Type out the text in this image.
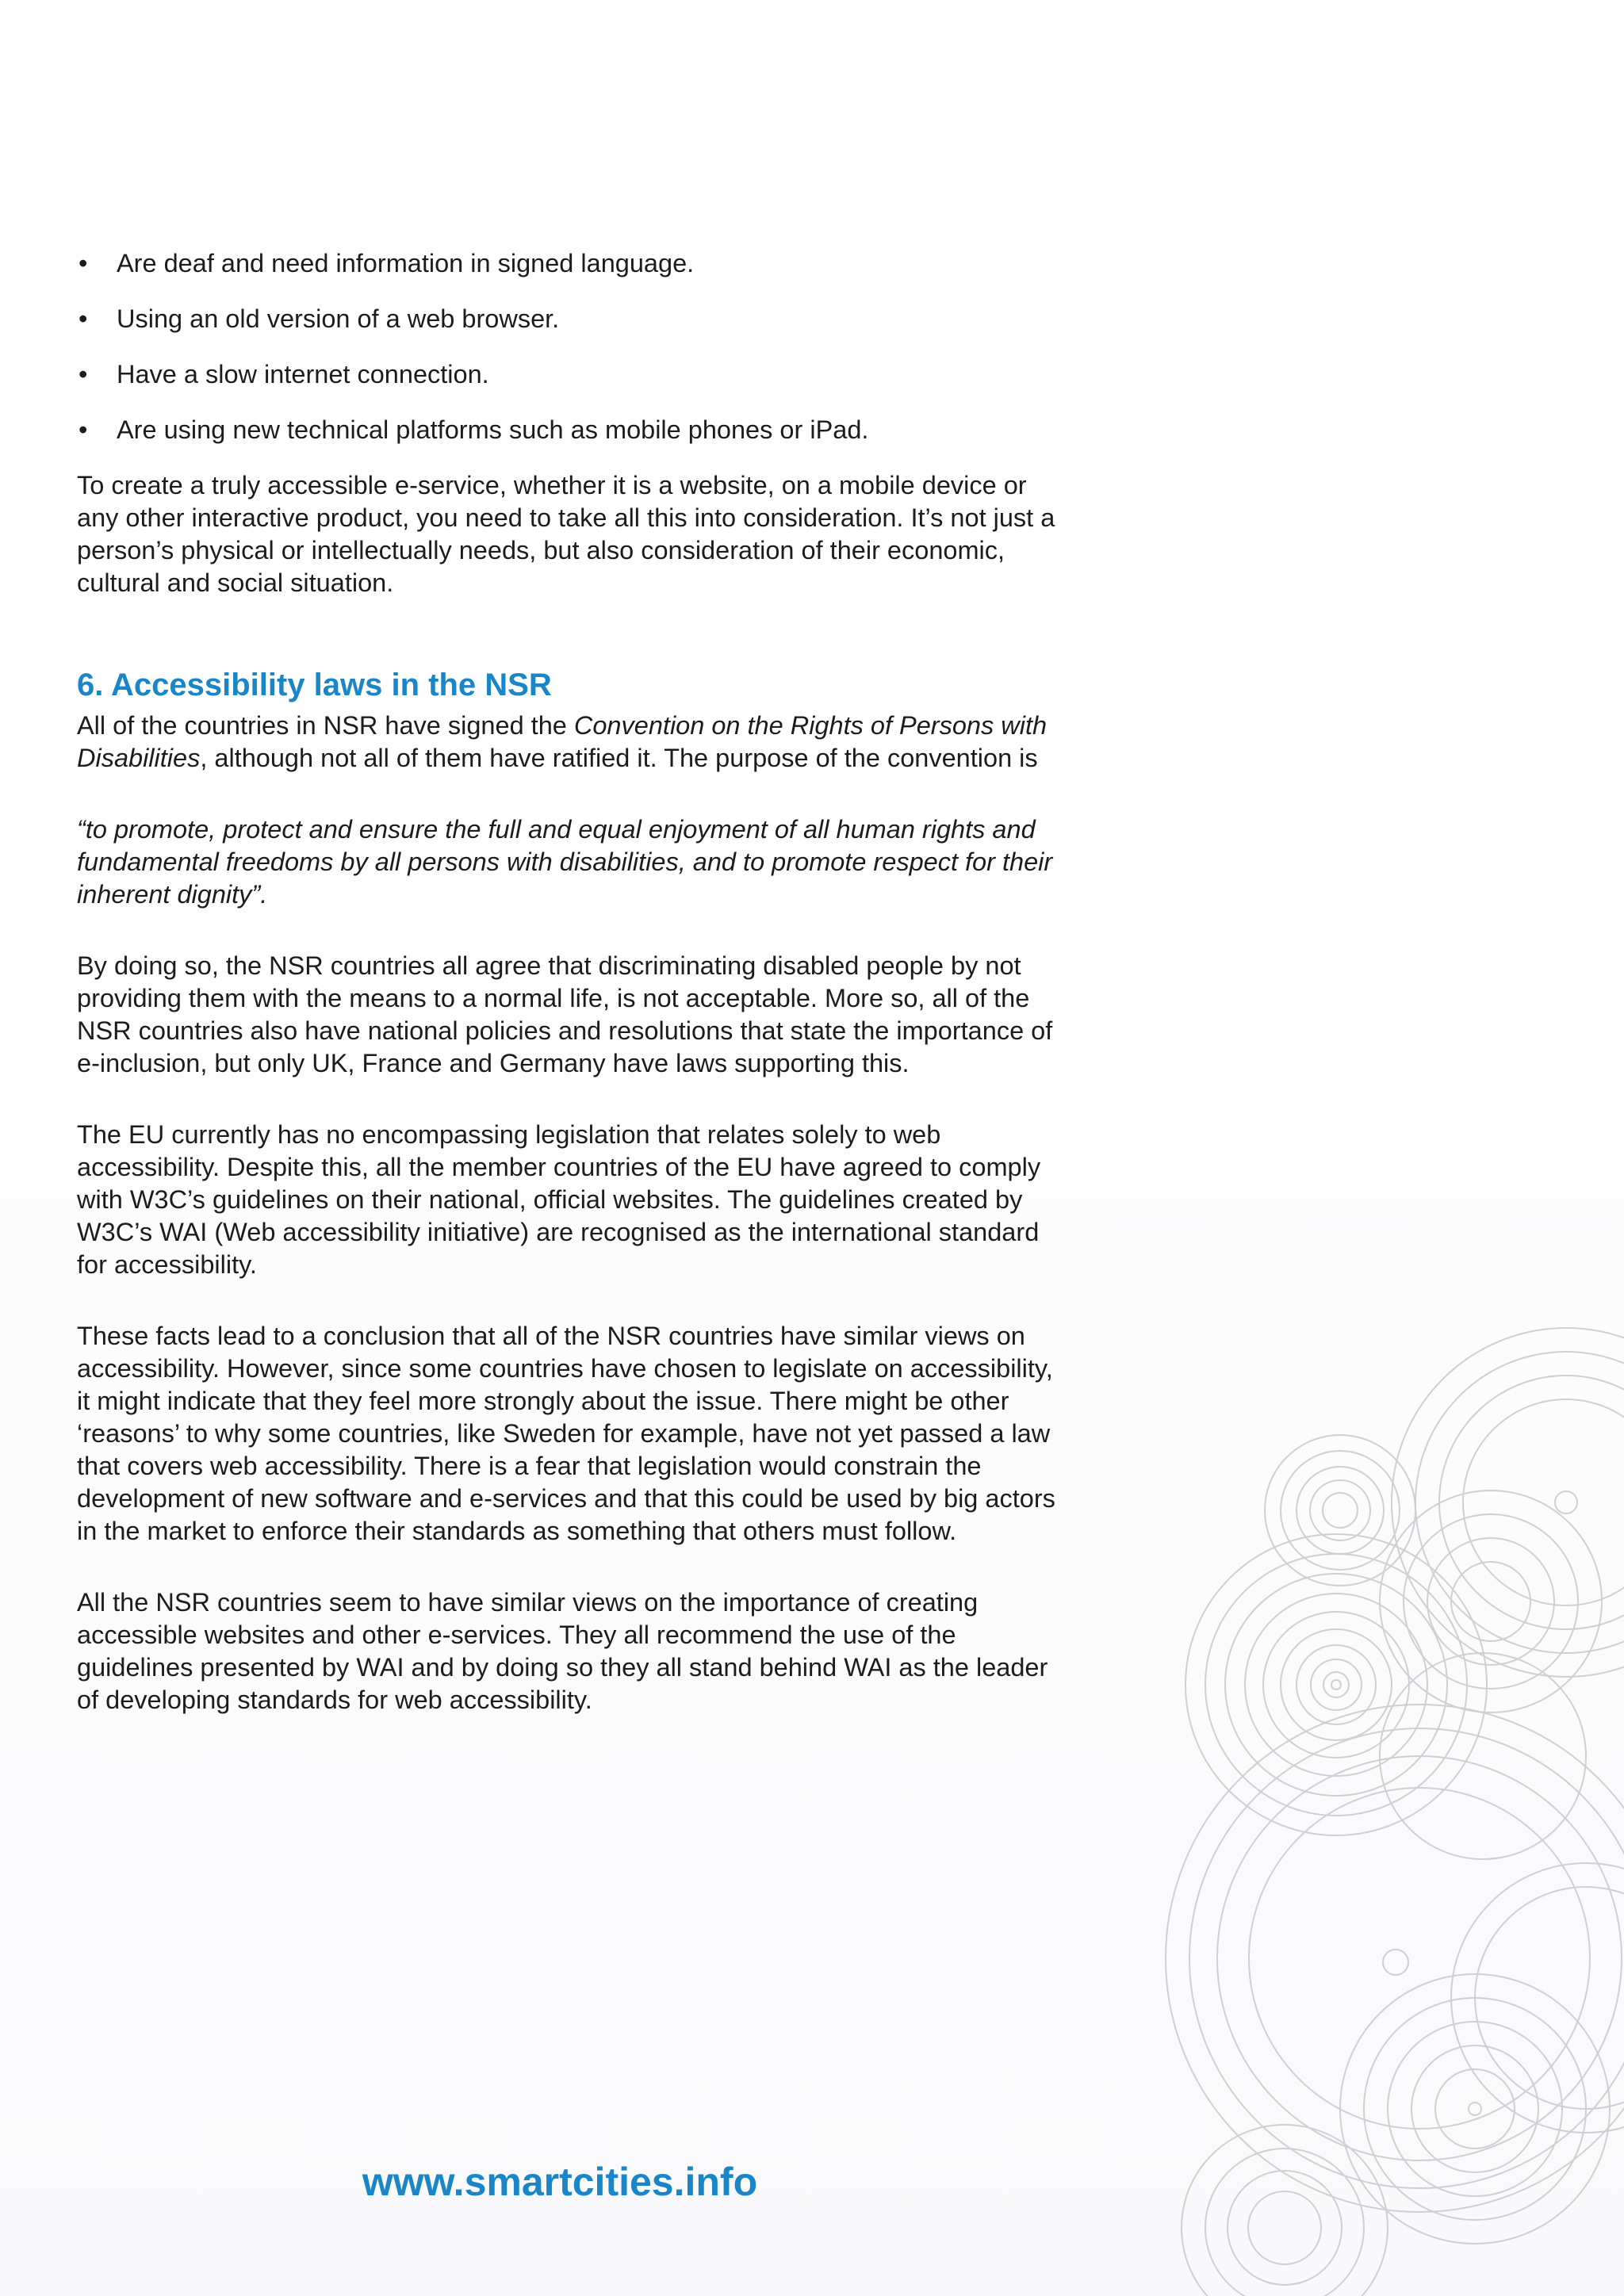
• Are deaf and need information in signed language.
• Using an old version of a web browser.
• Have a slow internet connection.
• Are using new technical platforms such as mobile phones or iPad.

To create a truly accessible e-service, whether it is a website, on a mobile device or any other interactive product, you need to take all this into consideration. It’s not just a person’s physical or intellectually needs, but also consideration of their economic, cultural and social situation.

6. Accessibility laws in the NSR

All of the countries in NSR have signed the Convention on the Rights of Persons with Disabilities, although not all of them have ratified it. The purpose of the convention is

“to promote, protect and ensure the full and equal enjoyment of all human rights and fundamental freedoms by all persons with disabilities, and to promote respect for their inherent dignity”.

By doing so, the NSR countries all agree that discriminating disabled people by not providing them with the means to a normal life, is not acceptable. More so, all of the NSR countries also have national policies and resolutions that state the importance of e-inclusion, but only UK, France and Germany have laws supporting this.

The EU currently has no encompassing legislation that relates solely to web accessibility. Despite this, all the member countries of the EU have agreed to comply with W3C’s guidelines on their national, official websites. The guidelines created by W3C’s WAI (Web accessibility initiative) are recognised as the international standard for accessibility.

These facts lead to a conclusion that all of the NSR countries have similar views on accessibility. However, since some countries have chosen to legislate on accessibility, it might indicate that they feel more strongly about the issue. There might be other ‘reasons’ to why some countries, like Sweden for example, have not yet passed a law that covers web accessibility. There is a fear that legislation would constrain the development of new software and e-services and that this could be used by big actors in the market to enforce their standards as something that others must follow.

All the NSR countries seem to have similar views on the importance of creating accessible websites and other e-services. They all recommend the use of the guidelines presented by WAI and by doing so they all stand behind WAI as the leader of developing standards for web accessibility.

www.smartcities.info
